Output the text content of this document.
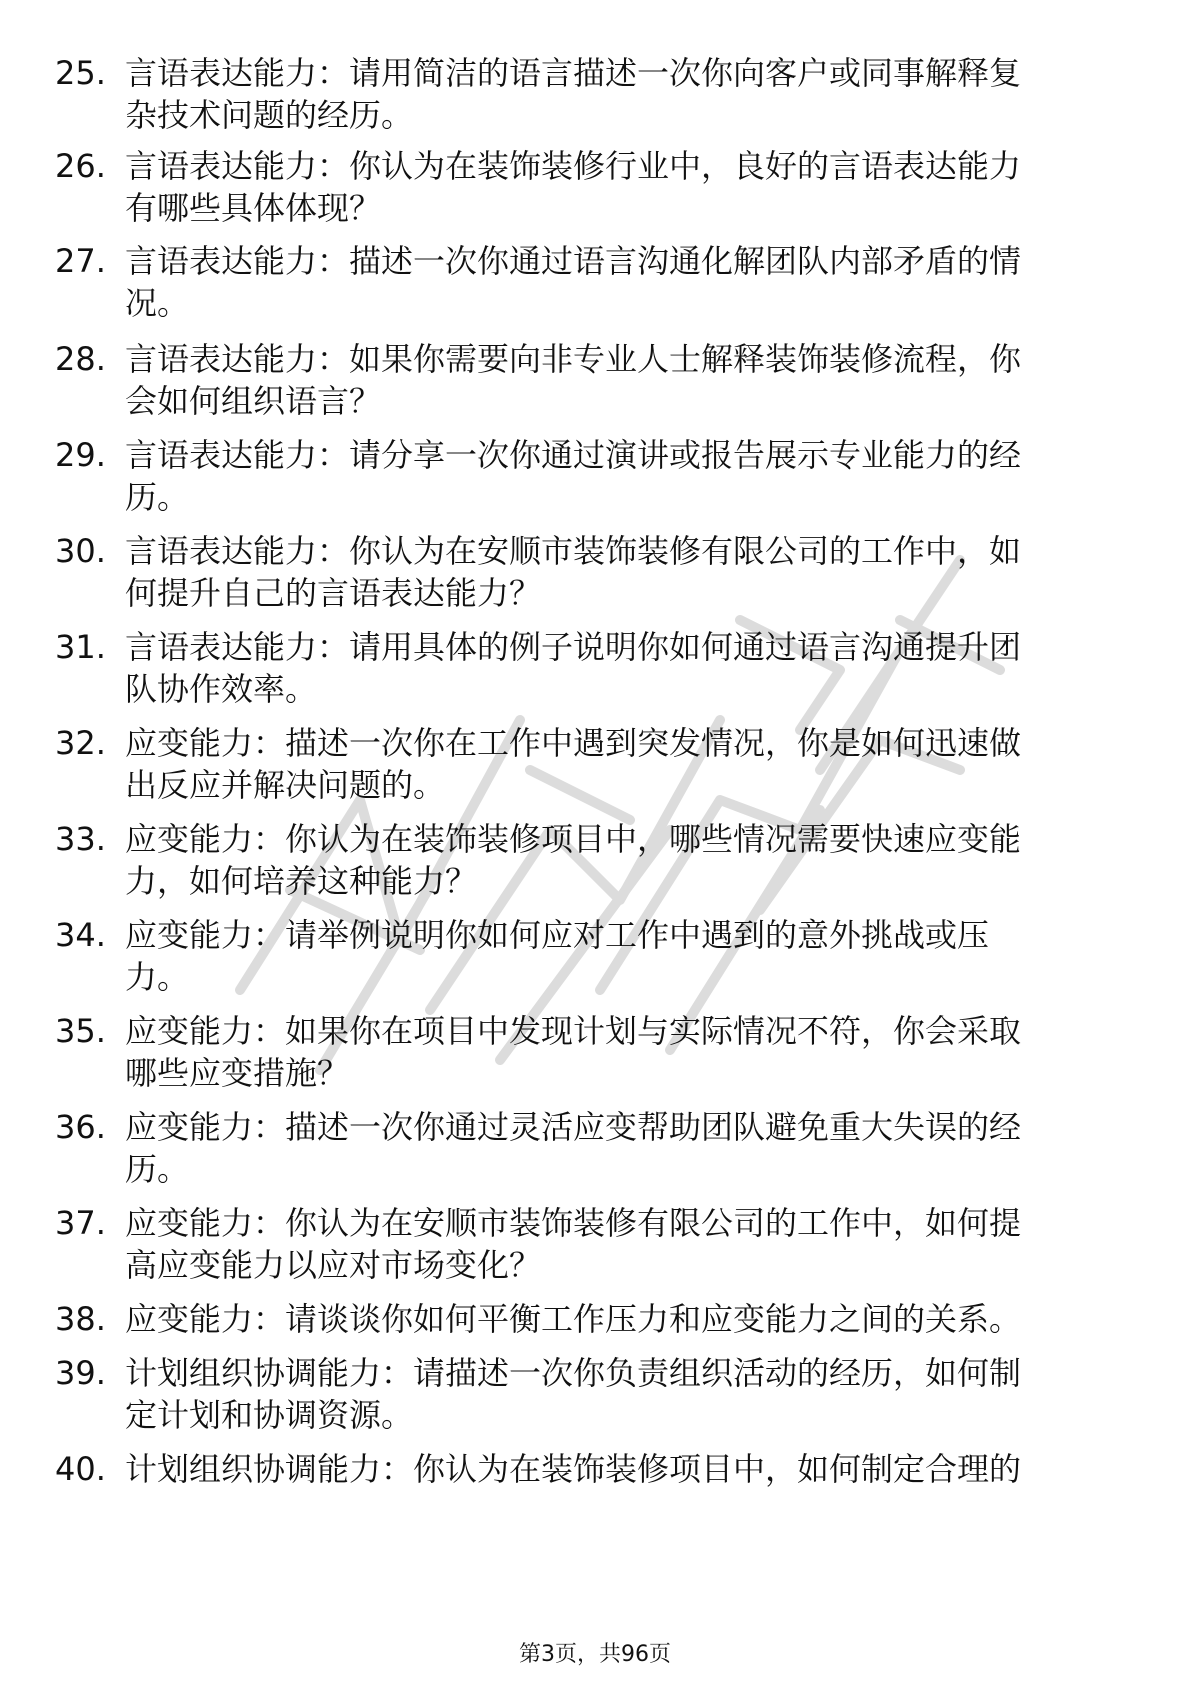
25. 言语表达能力：请用简洁的语言描述一次你向客户或同事解释复
杂技术问题的经历。
26. 言语表达能力：你认为在装饰装修行业中，良好的言语表达能力
有哪些具体体现？
27. 言语表达能力：描述一次你通过语言沟通化解团队内部矛盾的情
况。
28. 言语表达能力：如果你需要向非专业人士解释装饰装修流程，你
会如何组织语言？
29. 言语表达能力：请分享一次你通过演讲或报告展示专业能力的经
历。
30. 言语表达能力：你认为在安顺市装饰装修有限公司的工作中，如
何提升自己的言语表达能力？
31. 言语表达能力：请用具体的例子说明你如何通过语言沟通提升团
队协作效率。
32. 应变能力：描述一次你在工作中遇到突发情况，你是如何迅速做
出反应并解决问题的。
33. 应变能力：你认为在装饰装修项目中，哪些情况需要快速应变能
力，如何培养这种能力？
34. 应变能力：请举例说明你如何应对工作中遇到的意外挑战或压
力。
35. 应变能力：如果你在项目中发现计划与实际情况不符，你会采取
哪些应变措施？
36. 应变能力：描述一次你通过灵活应变帮助团队避免重大失误的经
历。
37. 应变能力：你认为在安顺市装饰装修有限公司的工作中，如何提
高应变能力以应对市场变化？
38. 应变能力：请谈谈你如何平衡工作压力和应变能力之间的关系。
39. 计划组织协调能力：请描述一次你负责组织活动的经历，如何制
定计划和协调资源。
40. 计划组织协调能力：你认为在装饰装修项目中，如何制定合理的
第3页，共96页
